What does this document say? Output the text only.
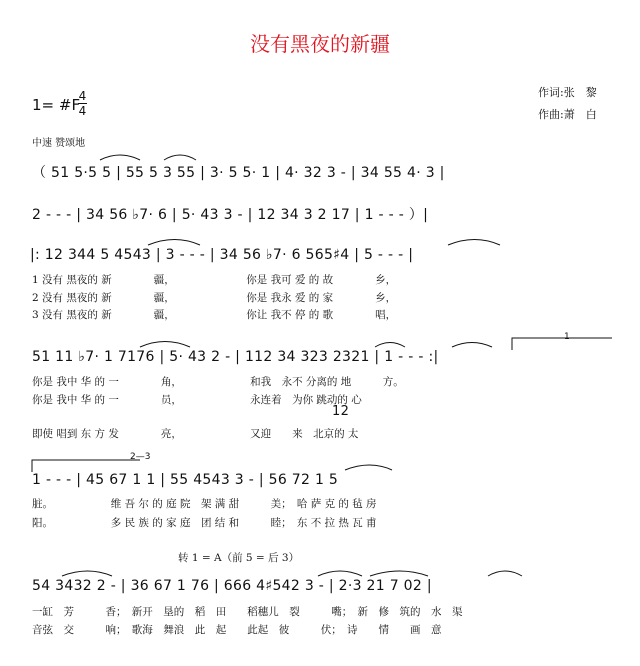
没有黑夜的新疆
作词:张　黎
作曲:萧　白
1= #F
4
4
中速 赞颂地
（ 51 5·5 5 | 55 5 3 55 | 3· 5 5· 1 | 4· 32 3 - | 34 55 4· 3 |
2 - - - | 34 56 ♭7· 6 | 5· 43 3 - | 12 34 3 2 17 | 1 - - - ）|
|: 12 344 5 4543 | 3 - - - | 34 56 ♭7· 6 565♯4 | 5 - - - |
1 没有 黑夜的 新　　　　疆，　　　　　　　 你是 我可 爱 的 故　　　　乡，
2 没有 黑夜的 新　　　　疆，　　　　　　　 你是 我永 爱 的 家　　　　乡，
3 没有 黑夜的 新　　　　疆，　　　　　　　 你让 我不 停 的 歌　　　　唱，
1
51 11 ♭7· 1 7176 | 5· 43 2 - | 112 34 323 2321 | 1 - - - :|
你是 我中 华 的 一　　　　角，　　　　　　　和我　永不 分离的 地　　　方。
你是 我中 华 的 一　　　　员，　　　　　　　永连着　为你 跳动的 心
12
即使 唱到 东 方 发　　　　亮，　　　　　　　又迎　　来　北京的 太
2—3
1 - - - | 45 67 1 1 | 55 4543 3 - | 56 72 1 5
脏。　　　　　　维 吾 尔 的 庭 院　架 满 甜　　　美；　哈 萨 克 的 毡 房
阳。　　　　　　多 民 族 的 家 庭　团 结 和　　　睦；　东 不 拉 热 瓦 甫
转 1 = A（前 5 = 后 3）
54 3432 2 - | 36 67 1 76 | 666 4♯542 3 - | 2·3 21 7 02 |
一缸　芳　　　香；　新开　垦的　稻　田　　稻穗儿　裂　　　嘴；　新　修　筑的　水　渠
音弦　交　　　响；　歌海　舞浪　此　起　　此起　彼　　　伏；　诗　　情　　画　意
